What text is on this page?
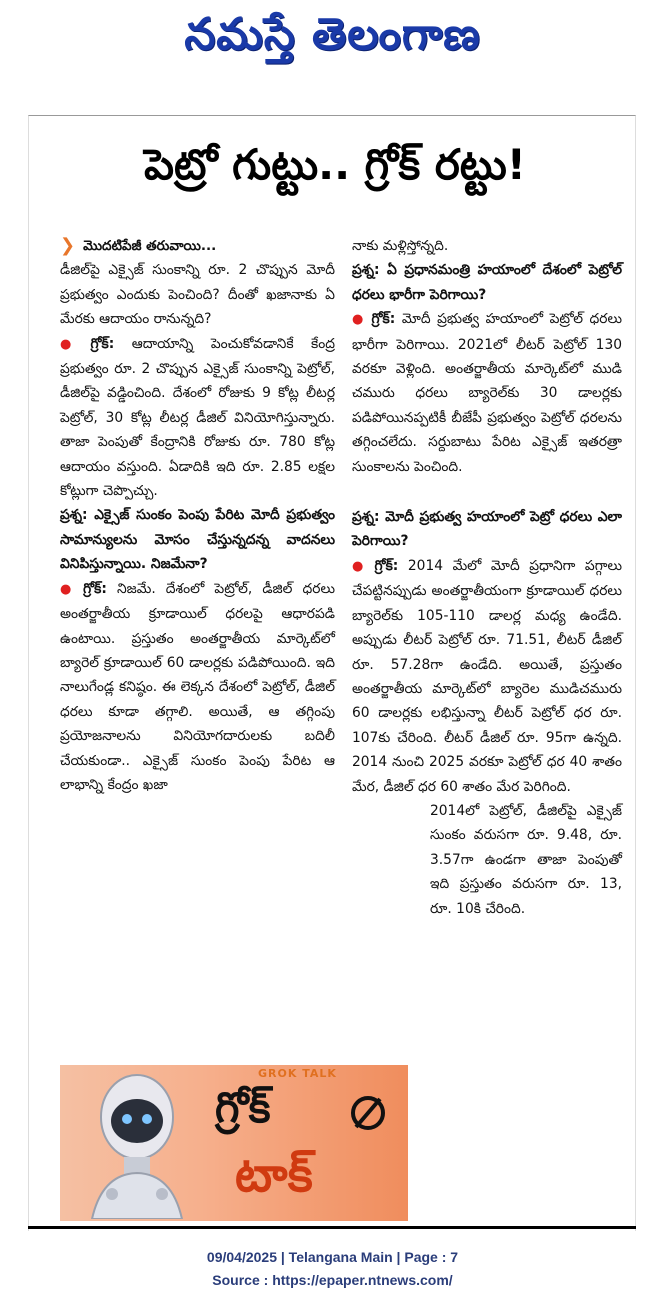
నమస్తే తెలంగాణ
పెట్రో గుట్టు.. గ్రోక్ రట్టు!

❯ మొదటిపేజీ తరువాయి...

డీజిల్‌పై ఎక్సైజ్ సుంకాన్ని రూ. 2 చొప్పున మోదీ ప్రభుత్వం ఎందుకు పెంచింది? దీంతో ఖజానాకు ఏ మేరకు ఆదాయం రానున్నది?

● గ్రోక్: ఆదాయాన్ని పెంచుకోవడానికే కేంద్ర ప్రభుత్వం రూ. 2 చొప్పున ఎక్సైజ్ సుంకాన్ని పెట్రోల్, డీజిల్‌పై వడ్డించింది. దేశంలో రోజుకు 9 కోట్ల లీటర్ల పెట్రోల్, 30 కోట్ల లీటర్ల డీజిల్ వినియోగిస్తున్నారు. తాజా పెంపుతో కేంద్రానికి రోజుకు రూ. 780 కోట్ల ఆదాయం వస్తుంది. ఏడాదికి ఇది రూ. 2.85 లక్షల కోట్లుగా చెప్పొచ్చు.

ప్రశ్న: ఎక్సైజ్ సుంకం పెంపు పేరిట మోదీ ప్రభుత్వం సామాన్యులను మోసం చేస్తున్నదన్న వాదనలు వినిపిస్తున్నాయి. నిజమేనా?

● గ్రోక్: నిజమే. దేశంలో పెట్రోల్, డీజిల్ ధరలు అంతర్జాతీయ క్రూడాయిల్ ధరలపై ఆధారపడి ఉంటాయి. ప్రస్తుతం అంతర్జాతీయ మార్కెట్‌లో బ్యారెల్ క్రూడాయిల్ 60 డాలర్లకు పడిపోయింది. ఇది నాలుగేండ్ల కనిష్ఠం. ఈ లెక్కన దేశంలో పెట్రోల్, డీజిల్ ధరలు కూడా తగ్గాలి. అయితే, ఆ తగ్గింపు ప్రయోజనాలను వినియోగదారులకు బదిలీ చేయకుండా.. ఎక్సైజ్ సుంకం పెంపు పేరిట ఆ లాభాన్ని కేంద్రం ఖజా

నాకు మళ్లిస్తోన్నది.

ప్రశ్న: ఏ ప్రధానమంత్రి హయాంలో దేశంలో పెట్రోల్ ధరలు భారీగా పెరిగాయి?

● గ్రోక్: మోదీ ప్రభుత్వ హయాంలో పెట్రోల్ ధరలు భారీగా పెరిగాయి. 2021లో లీటర్ పెట్రోల్ 130 వరకూ వెళ్లింది. అంతర్జాతీయ మార్కెట్‌లో ముడి చమురు ధరలు బ్యారెల్‌కు 30 డాలర్లకు పడిపోయినప్పటికీ బీజేపీ ప్రభుత్వం పెట్రోల్ ధరలను తగ్గించలేదు. సర్దుబాటు పేరిట ఎక్సైజ్ ఇతరత్రా సుంకాలను పెంచింది.

ప్రశ్న: మోదీ ప్రభుత్వ హయాంలో పెట్రో ధరలు ఎలా పెరిగాయి?

● గ్రోక్: 2014 మేలో మోదీ ప్రధానిగా పగ్గాలు చేపట్టినప్పుడు అంతర్జాతీయంగా క్రూడాయిల్ ధరలు బ్యారెల్‌కు 105-110 డాలర్ల మధ్య ఉండేది. అప్పుడు లీటర్ పెట్రోల్ రూ. 71.51, లీటర్ డీజిల్ రూ. 57.28గా ఉండేది. అయితే, ప్రస్తుతం అంతర్జాతీయ మార్కెట్‌లో బ్యారెల ముడిచమురు 60 డాలర్లకు లభిస్తున్నా లీటర్ పెట్రోల్ ధర రూ. 107కు చేరింది. లీటర్ డీజిల్ రూ. 95గా ఉన్నది. 2014 నుంచి 2025 వరకూ పెట్రోల్ ధర 40 శాతం మేర, డీజిల్ ధర 60 శాతం మేర పెరిగింది.

2014లో పెట్రోల్, డీజిల్‌పై ఎక్సైజ్ సుంకం వరుసగా రూ. 9.48, రూ. 3.57గా ఉండగా తాజా పెంపుతో ఇది ప్రస్తుతం వరుసగా రూ. 13, రూ. 10కి చేరింది.

GROK TALK
గ్రోక్
టాక్
09/04/2025 | Telangana Main | Page : 7
Source : https://epaper.ntnews.com/
